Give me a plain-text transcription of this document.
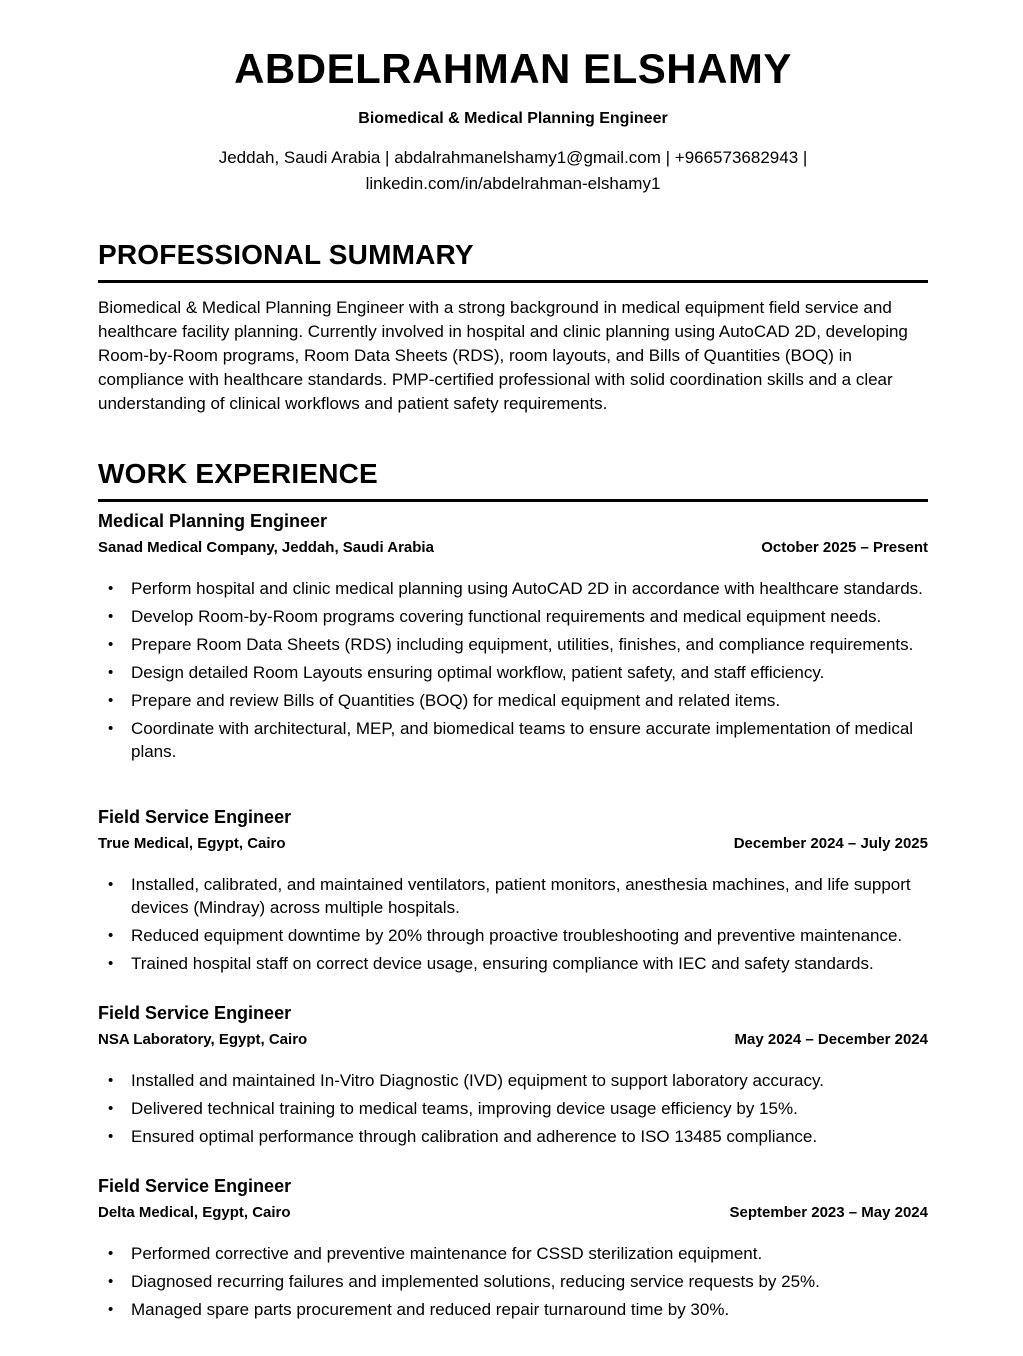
ABDELRAHMAN ELSHAMY
Biomedical & Medical Planning Engineer
Jeddah, Saudi Arabia | abdalrahmanelshamy1@gmail.com | +966573682943 |
linkedin.com/in/abdelrahman-elshamy1
PROFESSIONAL SUMMARY

Biomedical & Medical Planning Engineer with a strong background in medical equipment field service and healthcare facility planning. Currently involved in hospital and clinic planning using AutoCAD 2D, developing Room-by-Room programs, Room Data Sheets (RDS), room layouts, and Bills of Quantities (BOQ) in compliance with healthcare standards. PMP-certified professional with solid coordination skills and a clear understanding of clinical workflows and patient safety requirements.

WORK EXPERIENCE
Medical Planning Engineer
Sanad Medical Company, Jeddah, Saudi Arabia	October 2025 – Present
• Perform hospital and clinic medical planning using AutoCAD 2D in accordance with healthcare standards.
• Develop Room-by-Room programs covering functional requirements and medical equipment needs.
• Prepare Room Data Sheets (RDS) including equipment, utilities, finishes, and compliance requirements.
• Design detailed Room Layouts ensuring optimal workflow, patient safety, and staff efficiency.
• Prepare and review Bills of Quantities (BOQ) for medical equipment and related items.
• Coordinate with architectural, MEP, and biomedical teams to ensure accurate implementation of medical plans.
Field Service Engineer
True Medical, Egypt, Cairo	December 2024 – July 2025
• Installed, calibrated, and maintained ventilators, patient monitors, anesthesia machines, and life support devices (Mindray) across multiple hospitals.
• Reduced equipment downtime by 20% through proactive troubleshooting and preventive maintenance.
• Trained hospital staff on correct device usage, ensuring compliance with IEC and safety standards.
Field Service Engineer
NSA Laboratory, Egypt, Cairo	May 2024 – December 2024
• Installed and maintained In-Vitro Diagnostic (IVD) equipment to support laboratory accuracy.
• Delivered technical training to medical teams, improving device usage efficiency by 15%.
• Ensured optimal performance through calibration and adherence to ISO 13485 compliance.
Field Service Engineer
Delta Medical, Egypt, Cairo	September 2023 – May 2024
• Performed corrective and preventive maintenance for CSSD sterilization equipment.
• Diagnosed recurring failures and implemented solutions, reducing service requests by 25%.
• Managed spare parts procurement and reduced repair turnaround time by 30%.
